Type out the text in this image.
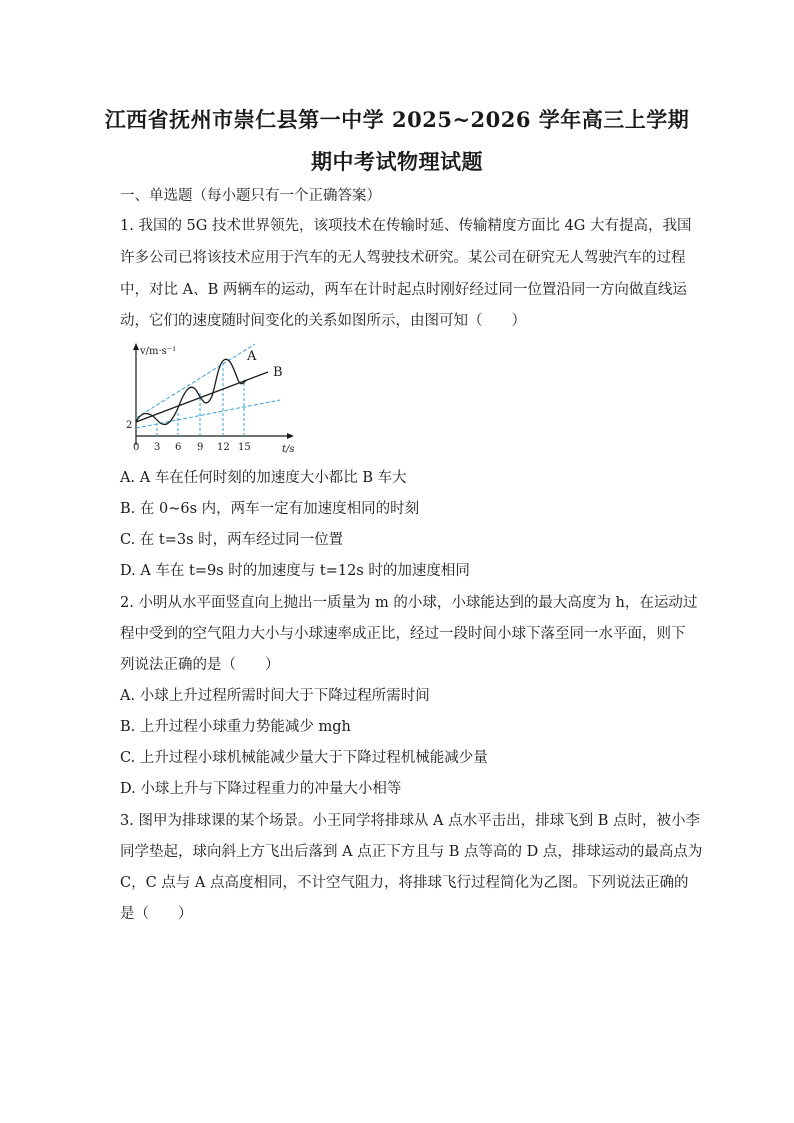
江西省抚州市崇仁县第一中学 2025~2026 学年高三上学期
期中考试物理试题
一、单选题（每小题只有一个正确答案）
1. 我国的 5G 技术世界领先，该项技术在传输时延、传输精度方面比 4G 大有提高，我国
许多公司已将该技术应用于汽车的无人驾驶技术研究。某公司在研究无人驾驶汽车的过程
中，对比 A、B 两辆车的运动，两车在计时起点时刚好经过同一位置沿同一方向做直线运
动，它们的速度随时间变化的关系如图所示，由图可知（　　）
v/m·s⁻¹
t/s
0
2
3 6 9 12 15
A
B
A. A 车在任何时刻的加速度大小都比 B 车大
B. 在 0~6s 内，两车一定有加速度相同的时刻
C. 在 t=3s 时，两车经过同一位置
D. A 车在 t=9s 时的加速度与 t=12s 时的加速度相同
2. 小明从水平面竖直向上抛出一质量为 m 的小球，小球能达到的最大高度为 h，在运动过
程中受到的空气阻力大小与小球速率成正比，经过一段时间小球下落至同一水平面，则下
列说法正确的是（　　）
A. 小球上升过程所需时间大于下降过程所需时间
B. 上升过程小球重力势能减少 mgh
C. 上升过程小球机械能减少量大于下降过程机械能减少量
D. 小球上升与下降过程重力的冲量大小相等
3. 图甲为排球课的某个场景。小王同学将排球从 A 点水平击出，排球飞到 B 点时，被小李
同学垫起，球向斜上方飞出后落到 A 点正下方且与 B 点等高的 D 点，排球运动的最高点为
C，C 点与 A 点高度相同，不计空气阻力，将排球飞行过程简化为乙图。下列说法正确的
是（　　）
